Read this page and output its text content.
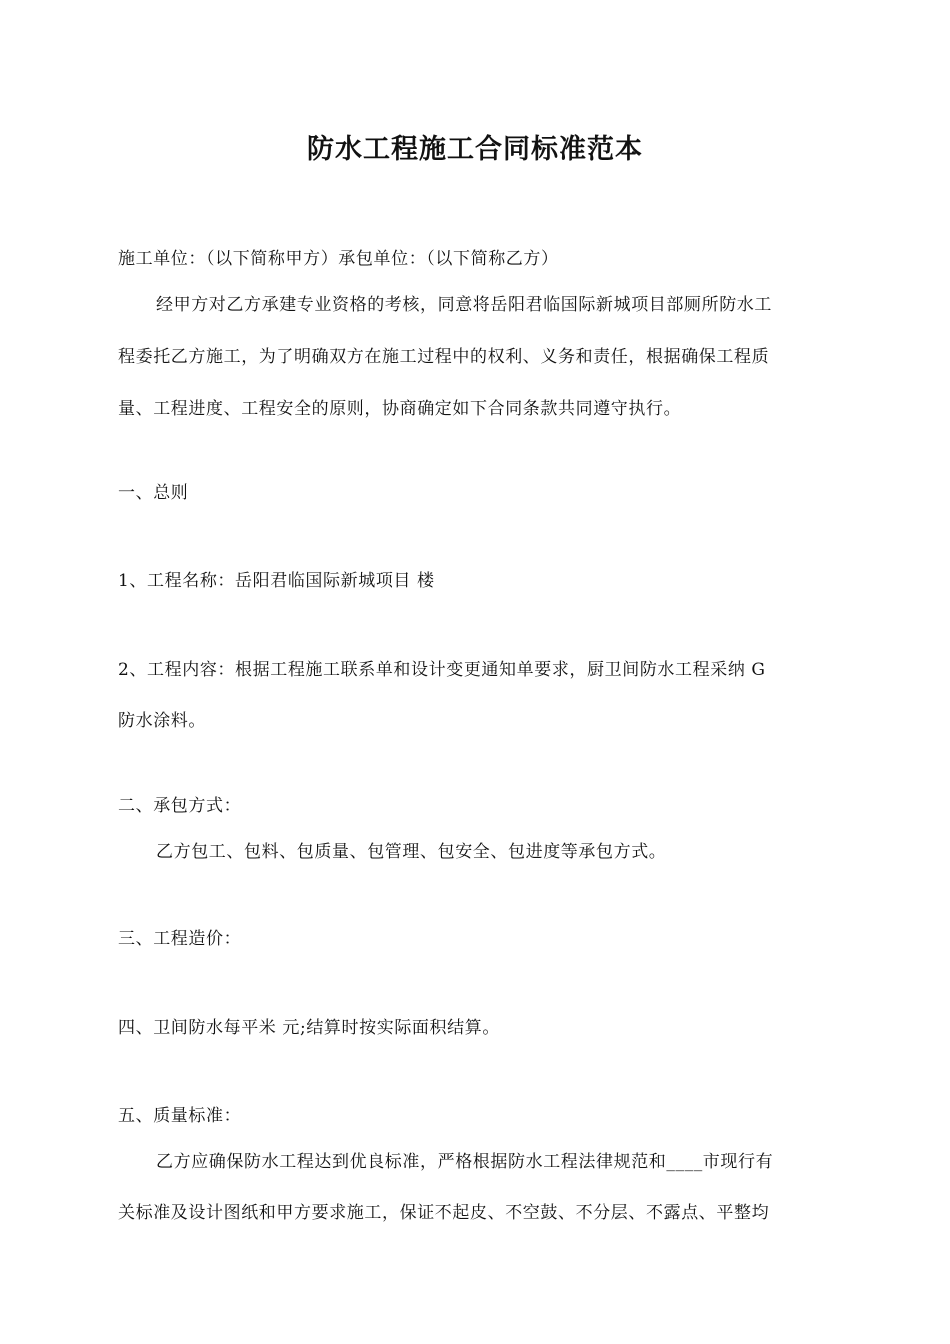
防水工程施工合同标准范本
施工单位：（以下简称甲方）承包单位：（以下简称乙方）
经甲方对乙方承建专业资格的考核，同意将岳阳君临国际新城项目部厕所防水工
程委托乙方施工，为了明确双方在施工过程中的权利、义务和责任，根据确保工程质
量、工程进度、工程安全的原则，协商确定如下合同条款共同遵守执行。
一、总则
1、工程名称：岳阳君临国际新城项目 楼
2、工程内容：根据工程施工联系单和设计变更通知单要求，厨卫间防水工程采纳 G
防水涂料。
二、承包方式：
乙方包工、包料、包质量、包管理、包安全、包进度等承包方式。
三、工程造价：
四、卫间防水每平米 元;结算时按实际面积结算。
五、质量标准：
乙方应确保防水工程达到优良标准，严格根据防水工程法律规范和____市现行有
关标准及设计图纸和甲方要求施工，保证不起皮、不空鼓、不分层、不露点、平整均
